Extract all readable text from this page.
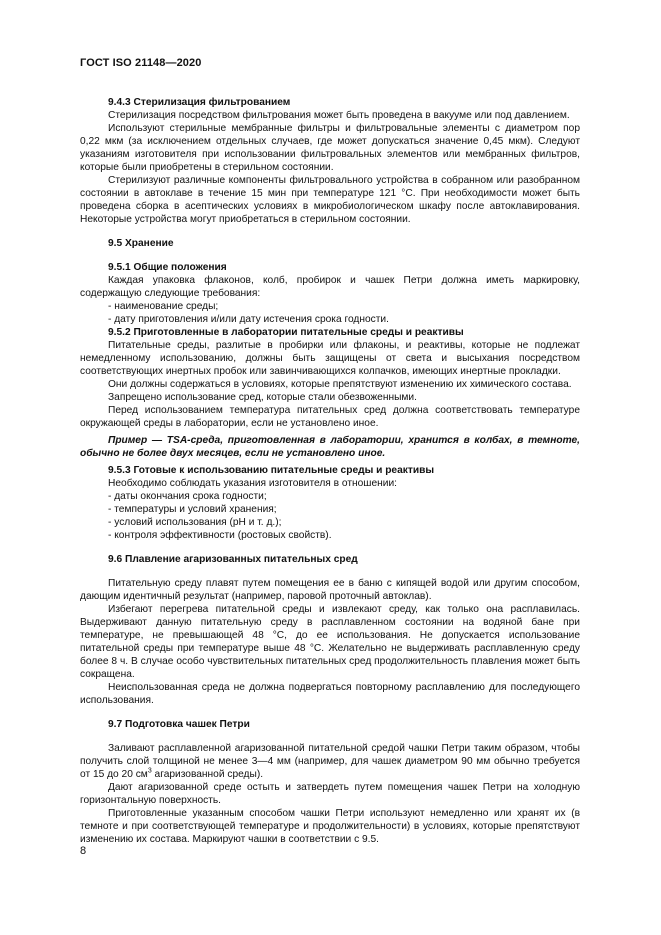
ГОСТ ISO 21148—2020

9.4.3 Стерилизация фильтрованием

Стерилизация посредством фильтрования может быть проведена в вакууме или под давлением.

Используют стерильные мембранные фильтры и фильтровальные элементы с диаметром пор 0,22 мкм (за исключением отдельных случаев, где может допускаться значение 0,45 мкм). Следуют указаниям изготовителя при использовании фильтровальных элементов или мембранных фильтров, которые были приобретены в стерильном состоянии.

Стерилизуют различные компоненты фильтровального устройства в собранном или разобранном состоянии в автоклаве в течение 15 мин при температуре 121 °С. При необходимости может быть проведена сборка в асептических условиях в микробиологическом шкафу после автоклавирования. Некоторые устройства могут приобретаться в стерильном состоянии.

9.5 Хранение

9.5.1 Общие положения

Каждая упаковка флаконов, колб, пробирок и чашек Петри должна иметь маркировку, содержащую следующие требования:

- наименование среды;

- дату приготовления и/или дату истечения срока годности.

9.5.2 Приготовленные в лаборатории питательные среды и реактивы

Питательные среды, разлитые в пробирки или флаконы, и реактивы, которые не подлежат немедленному использованию, должны быть защищены от света и высыхания посредством соответствующих инертных пробок или завинчивающихся колпачков, имеющих инертные прокладки.

Они должны содержаться в условиях, которые препятствуют изменению их химического состава.

Запрещено использование сред, которые стали обезвоженными.

Перед использованием температура питательных сред должна соответствовать температуре окружающей среды в лаборатории, если не установлено иное.

Пример — TSA-среда, приготовленная в лаборатории, хранится в колбах, в темноте, обычно не более двух месяцев, если не установлено иное.

9.5.3 Готовые к использованию питательные среды и реактивы

Необходимо соблюдать указания изготовителя в отношении:

- даты окончания срока годности;

- температуры и условий хранения;

- условий использования (pH и т. д.);

- контроля эффективности (ростовых свойств).

9.6 Плавление агаризованных питательных сред

Питательную среду плавят путем помещения ее в баню с кипящей водой или другим способом, дающим идентичный результат (например, паровой проточный автоклав).

Избегают перегрева питательной среды и извлекают среду, как только она расплавилась. Выдерживают данную питательную среду в расплавленном состоянии на водяной бане при температуре, не превышающей 48 °С, до ее использования. Не допускается использование питательной среды при температуре выше 48 °С. Желательно не выдерживать расплавленную среду более 8 ч. В случае особо чувствительных питательных сред продолжительность плавления может быть сокращена.

Неиспользованная среда не должна подвергаться повторному расплавлению для последующего использования.

9.7 Подготовка чашек Петри

Заливают расплавленной агаризованной питательной средой чашки Петри таким образом, чтобы получить слой толщиной не менее 3—4 мм (например, для чашек диаметром 90 мм обычно требуется от 15 до 20 $см^3$ агаризованной среды).

Дают агаризованной среде остыть и затвердеть путем помещения чашек Петри на холодную горизонтальную поверхность.

Приготовленные указанным способом чашки Петри используют немедленно или хранят их (в темноте и при соответствующей температуре и продолжительности) в условиях, которые препятствуют изменению их состава. Маркируют чашки в соответствии с 9.5.

8
